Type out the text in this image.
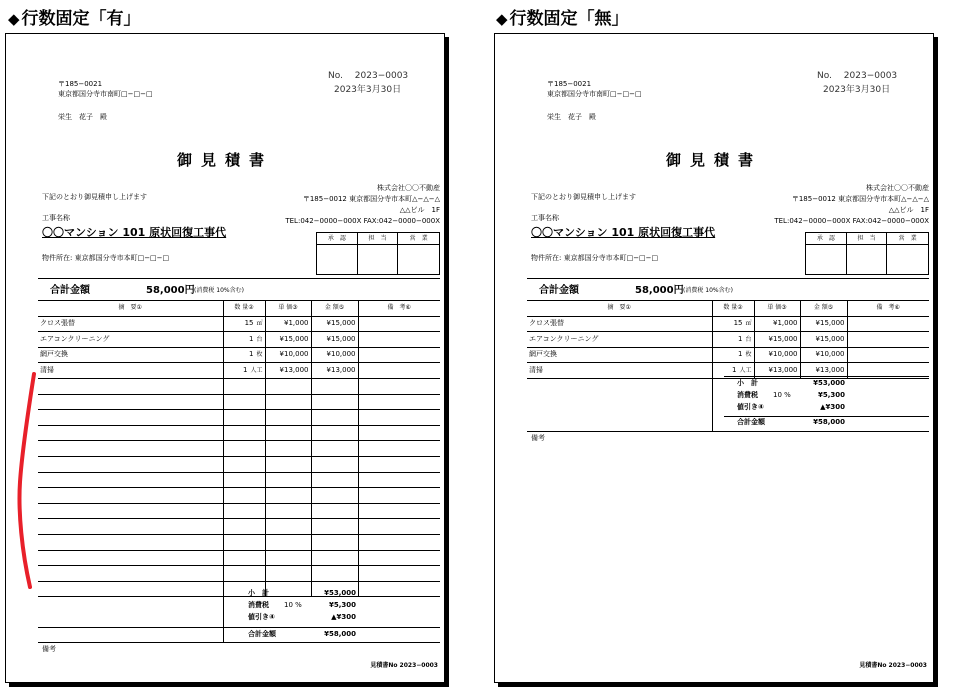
◆ 行数固定「有」	◆ 行数固定「無」
No.　 2023−0003
2023年3月30日
〒185−0021
東京都国分寺市南町□−□−□
栄生　花子　殿
御見積書
下記のとおり御見積申し上げます
株式会社〇〇不動産
〒185−0012 東京都国分寺市本町△−△−△
△△ビル　1F
TEL:042−0000−000X FAX:042−0000−000X
工事名称
〇〇マンション 101 原状回復工事代
物件所在: 東京都国分寺市本町□−□−□
承　認	担　当	営　業
合計金額	58,000円 (消費税 10%含む)
摘　要①	数 量②	単 価③	金 額⑤	備　考⑥
クロス張替	15 ㎡	¥1,000	¥15,000	
エアコンクリーニング	1 台	¥15,000	¥15,000	
網戸交換	1 枚	¥10,000	¥10,000	
清掃	1 人工	¥13,000	¥13,000	

小　計	¥53,000
消費税 10 %	¥5,300
値引き④	▲¥300
合計金額	¥58,000
備考
見積書No 2023−0003
No.　 2023−0003
2023年3月30日
〒185−0021
東京都国分寺市南町□−□−□
栄生　花子　殿
御見積書
下記のとおり御見積申し上げます
株式会社〇〇不動産
〒185−0012 東京都国分寺市本町△−△−△
△△ビル　1F
TEL:042−0000−000X FAX:042−0000−000X
工事名称
〇〇マンション 101 原状回復工事代
物件所在: 東京都国分寺市本町□−□−□
承　認	担　当	営　業
合計金額	58,000円 (消費税 10%含む)
摘　要①	数 量②	単 価③	金 額⑤	備　考⑥
クロス張替	15 ㎡	¥1,000	¥15,000	
エアコンクリーニング	1 台	¥15,000	¥15,000	
網戸交換	1 枚	¥10,000	¥10,000	
清掃	1 人工	¥13,000	¥13,000	
小　計	¥53,000
消費税 10 %	¥5,300
値引き④	▲¥300
合計金額	¥58,000
備考
見積書No 2023−0003
